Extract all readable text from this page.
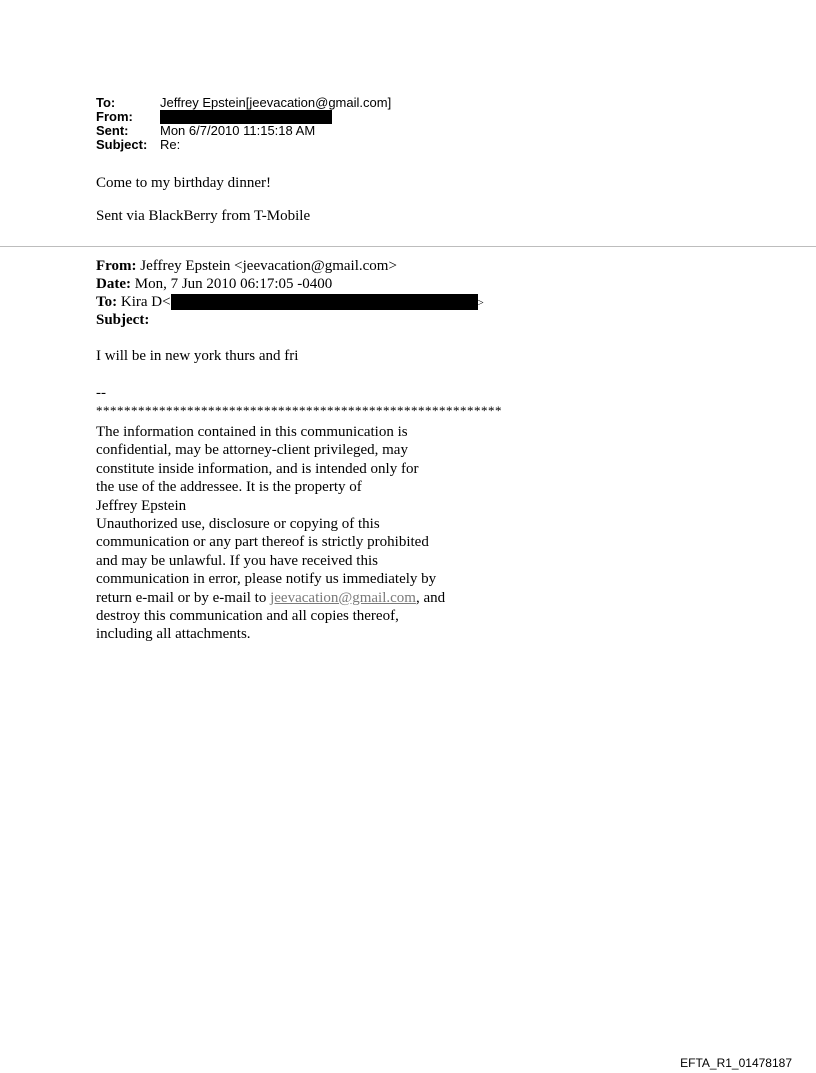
To:	Jeffrey Epstein[jeevacation@gmail.com]
From:
Sent:	Mon 6/7/2010 11:15:18 AM
Subject: Re:
Come to my birthday dinner!
Sent via BlackBerry from T-Mobile
From: Jeffrey Epstein <jeevacation@gmail.com>
Date: Mon, 7 Jun 2010 06:17:05 -0400
To: Kira D<	>
Subject:
I will be in new york thurs and fri
--
**********************************************************
The information contained in this communication is
confidential, may be attorney-client privileged, may
constitute inside information, and is intended only for
the use of the addressee. It is the property of
Jeffrey Epstein
Unauthorized use, disclosure or copying of this
communication or any part thereof is strictly prohibited
and may be unlawful. If you have received this
communication in error, please notify us immediately by
return e-mail or by e-mail to jeevacation@gmail.com, and
destroy this communication and all copies thereof,
including all attachments.
EFTA_R1_01478187
